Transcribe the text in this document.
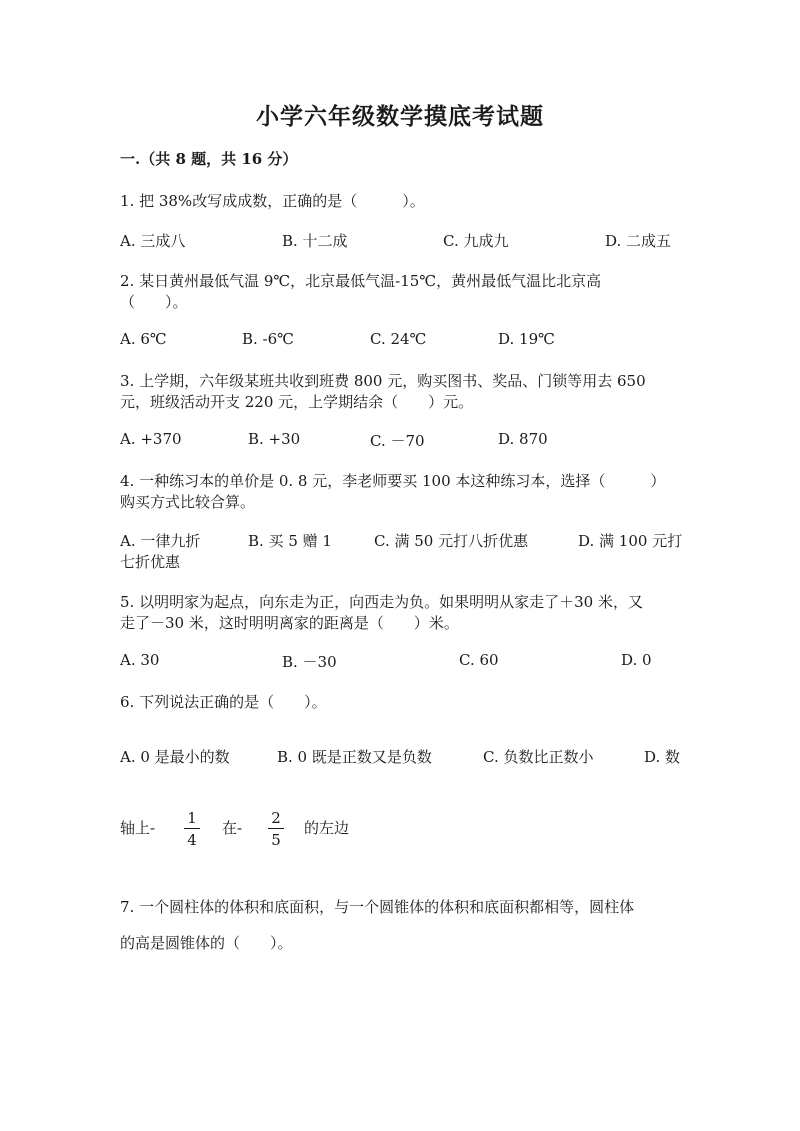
小学六年级数学摸底考试题
一.（共 8 题，共 16 分）
1. 把 38%改写成成数，正确的是（　　　）。
A. 三成八	B. 十二成	C. 九成九	D. 二成五
2. 某日黄州最低气温 9℃，北京最低气温-15℃，黄州最低气温比北京高
（　　）。
A. 6℃	B. -6℃	C. 24℃	D. 19℃
3. 上学期，六年级某班共收到班费 800 元，购买图书、奖品、门锁等用去 650
元，班级活动开支 220 元，上学期结余（　　）元。
A. +370	B. +30	C. －70	D. 870
4. 一种练习本的单价是 0. 8 元，李老师要买 100 本这种练习本，选择（　　　）
购买方式比较合算。
A. 一律九折	B. 买 5 赠 1	C. 满 50 元打八折优惠	D. 满 100 元打
七折优惠
5. 以明明家为起点，向东走为正，向西走为负。如果明明从家走了＋30 米，又
走了－30 米，这时明明离家的距离是（　　）米。
A. 30	B. －30	C. 60	D. 0
6. 下列说法正确的是（　　）。
A. 0 是最小的数	B. 0 既是正数又是负数	C. 负数比正数小	D. 数
轴上-
1
4
在-
2
5
的左边
7. 一个圆柱体的体积和底面积，与一个圆锥体的体积和底面积都相等，圆柱体
的高是圆锥体的（　　）。
